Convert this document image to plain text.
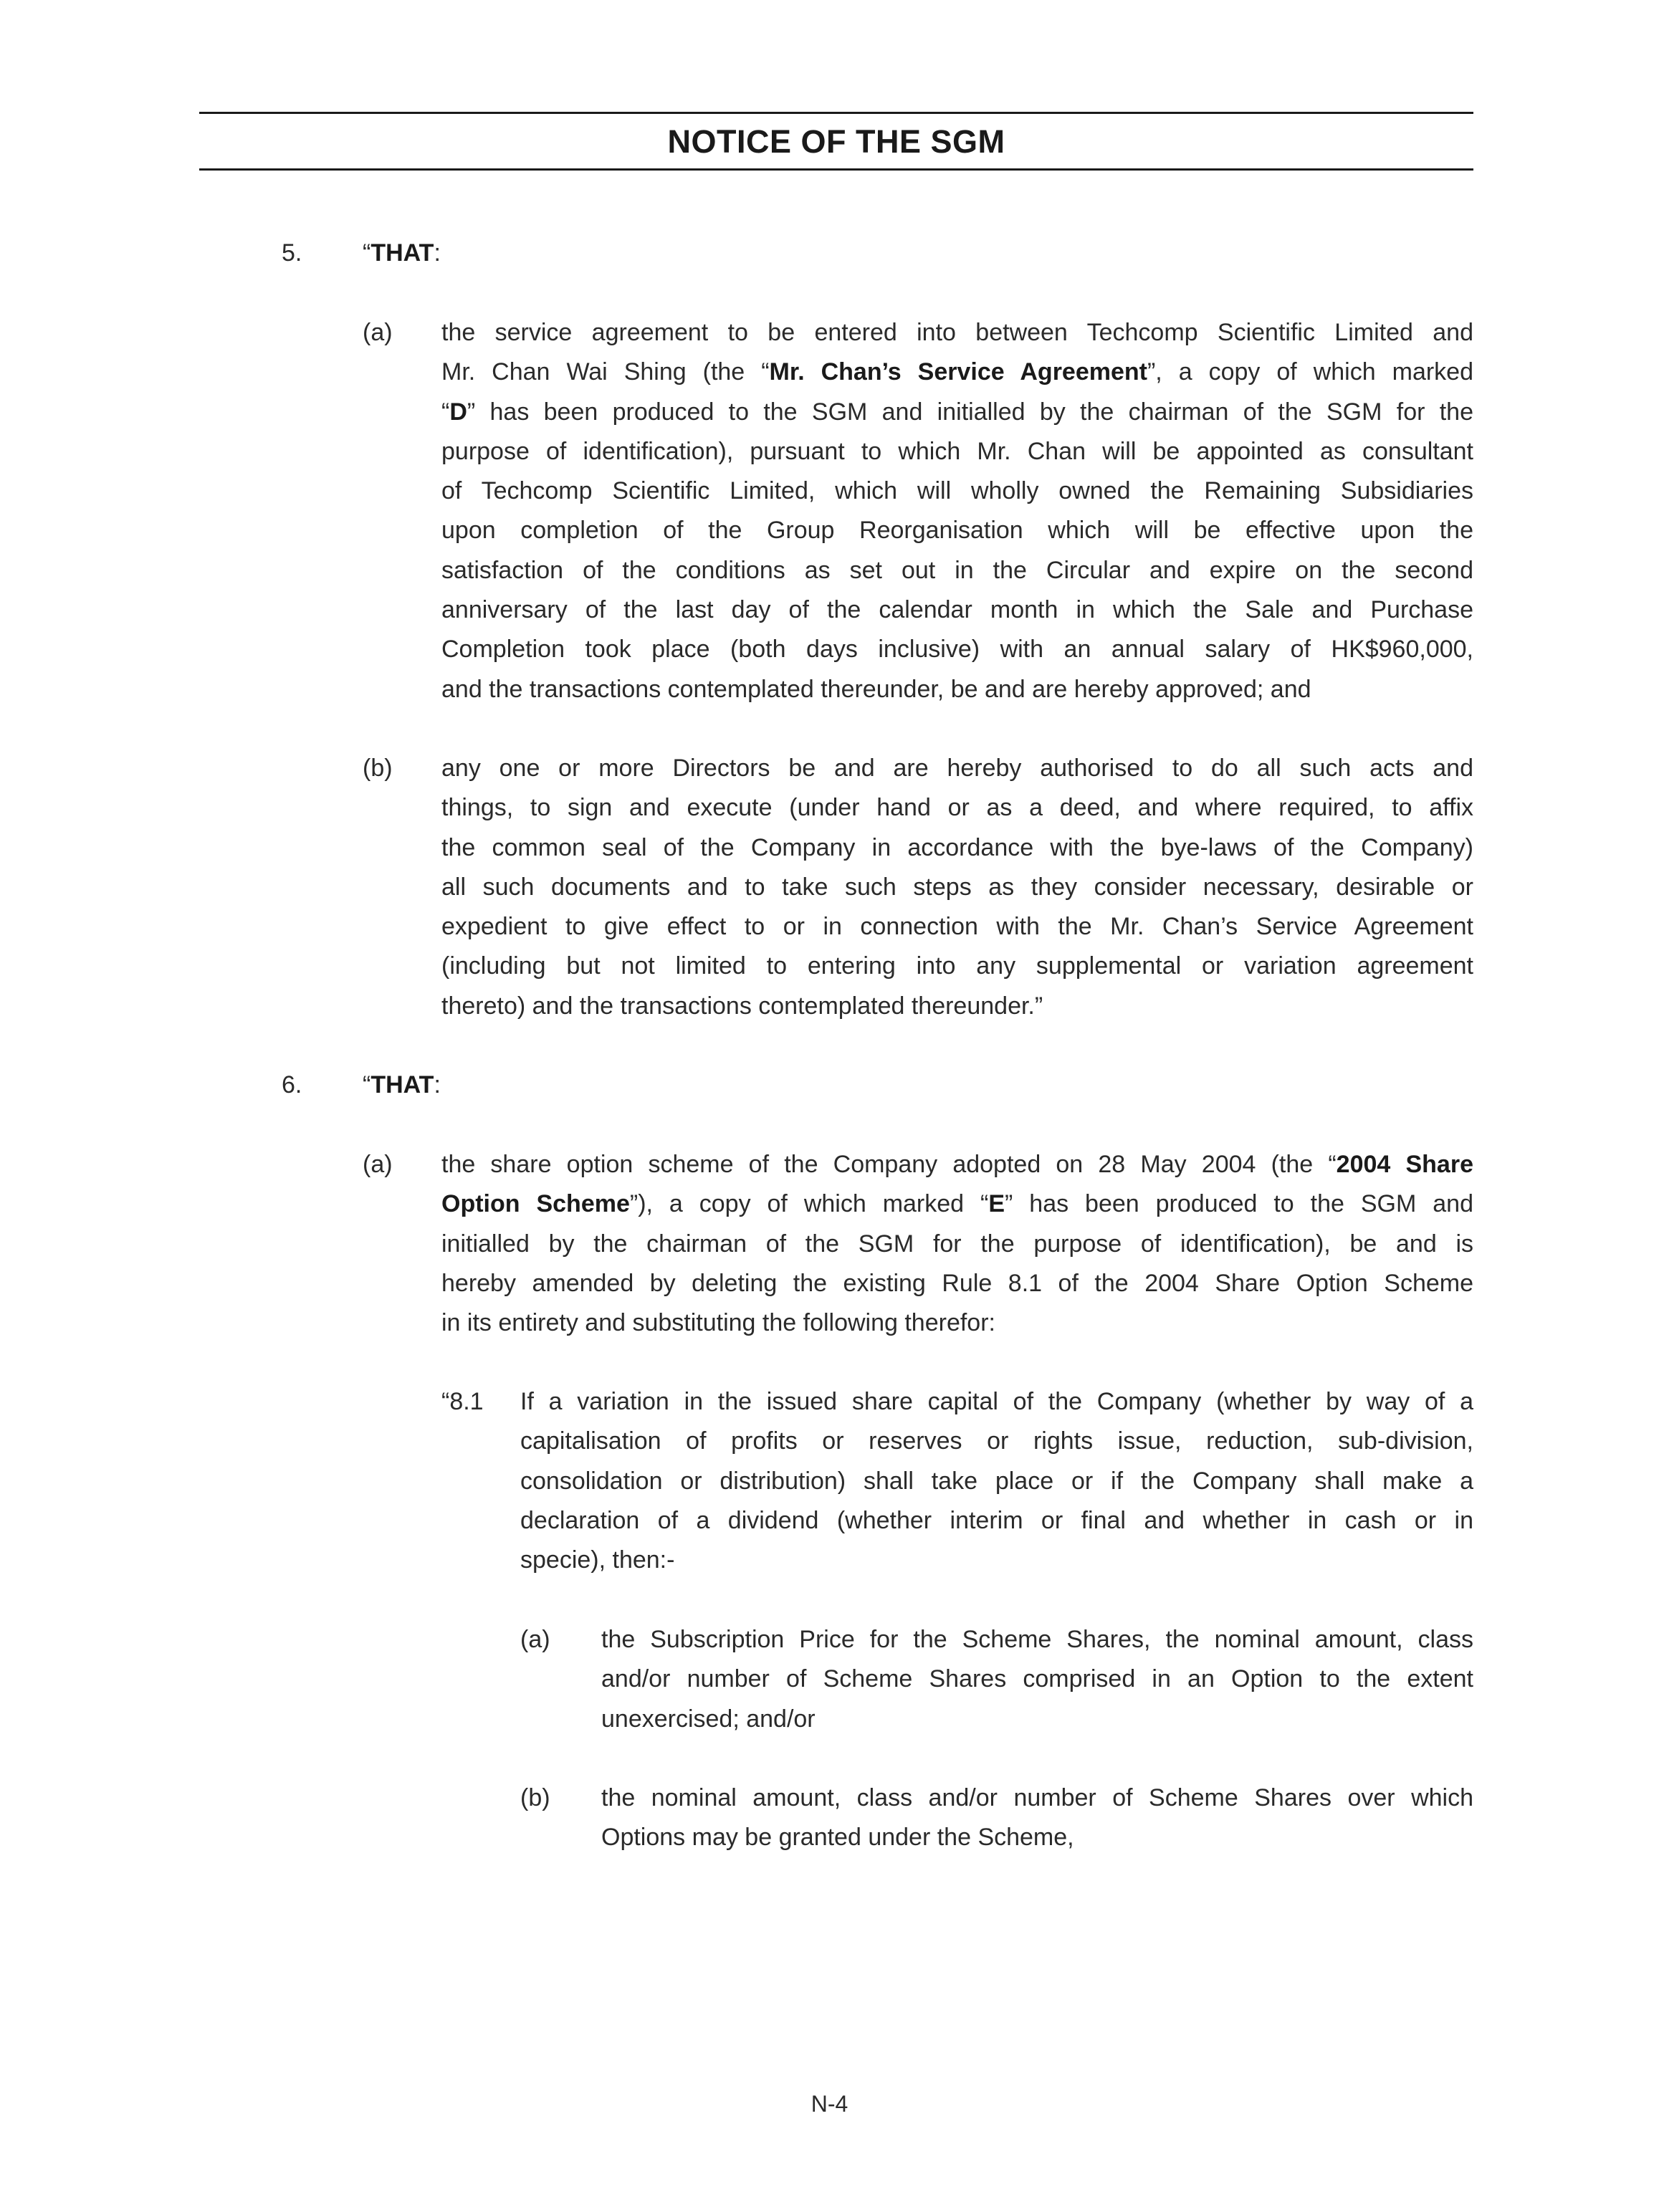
NOTICE OF THE SGM
5. “THAT:
(a) the service agreement to be entered into between Techcomp Scientific Limited and
Mr. Chan Wai Shing (the “Mr. Chan’s Service Agreement”, a copy of which marked
“D” has been produced to the SGM and initialled by the chairman of the SGM for the
purpose of identification), pursuant to which Mr. Chan will be appointed as consultant
of Techcomp Scientific Limited, which will wholly owned the Remaining Subsidiaries
upon completion of the Group Reorganisation which will be effective upon the
satisfaction of the conditions as set out in the Circular and expire on the second
anniversary of the last day of the calendar month in which the Sale and Purchase
Completion took place (both days inclusive) with an annual salary of HK$960,000,
and the transactions contemplated thereunder, be and are hereby approved; and
(b) any one or more Directors be and are hereby authorised to do all such acts and
things, to sign and execute (under hand or as a deed, and where required, to affix
the common seal of the Company in accordance with the bye-laws of the Company)
all such documents and to take such steps as they consider necessary, desirable or
expedient to give effect to or in connection with the Mr. Chan’s Service Agreement
(including but not limited to entering into any supplemental or variation agreement
thereto) and the transactions contemplated thereunder.”
6. “THAT:
(a) the share option scheme of the Company adopted on 28 May 2004 (the “2004 Share
Option Scheme”), a copy of which marked “E” has been produced to the SGM and
initialled by the chairman of the SGM for the purpose of identification), be and is
hereby amended by deleting the existing Rule 8.1 of the 2004 Share Option Scheme
in its entirety and substituting the following therefor:
“8.1 If a variation in the issued share capital of the Company (whether by way of a
capitalisation of profits or reserves or rights issue, reduction, sub-division,
consolidation or distribution) shall take place or if the Company shall make a
declaration of a dividend (whether interim or final and whether in cash or in
specie), then:-
(a) the Subscription Price for the Scheme Shares, the nominal amount, class
and/or number of Scheme Shares comprised in an Option to the extent
unexercised; and/or
(b) the nominal amount, class and/or number of Scheme Shares over which
Options may be granted under the Scheme,
N-4
